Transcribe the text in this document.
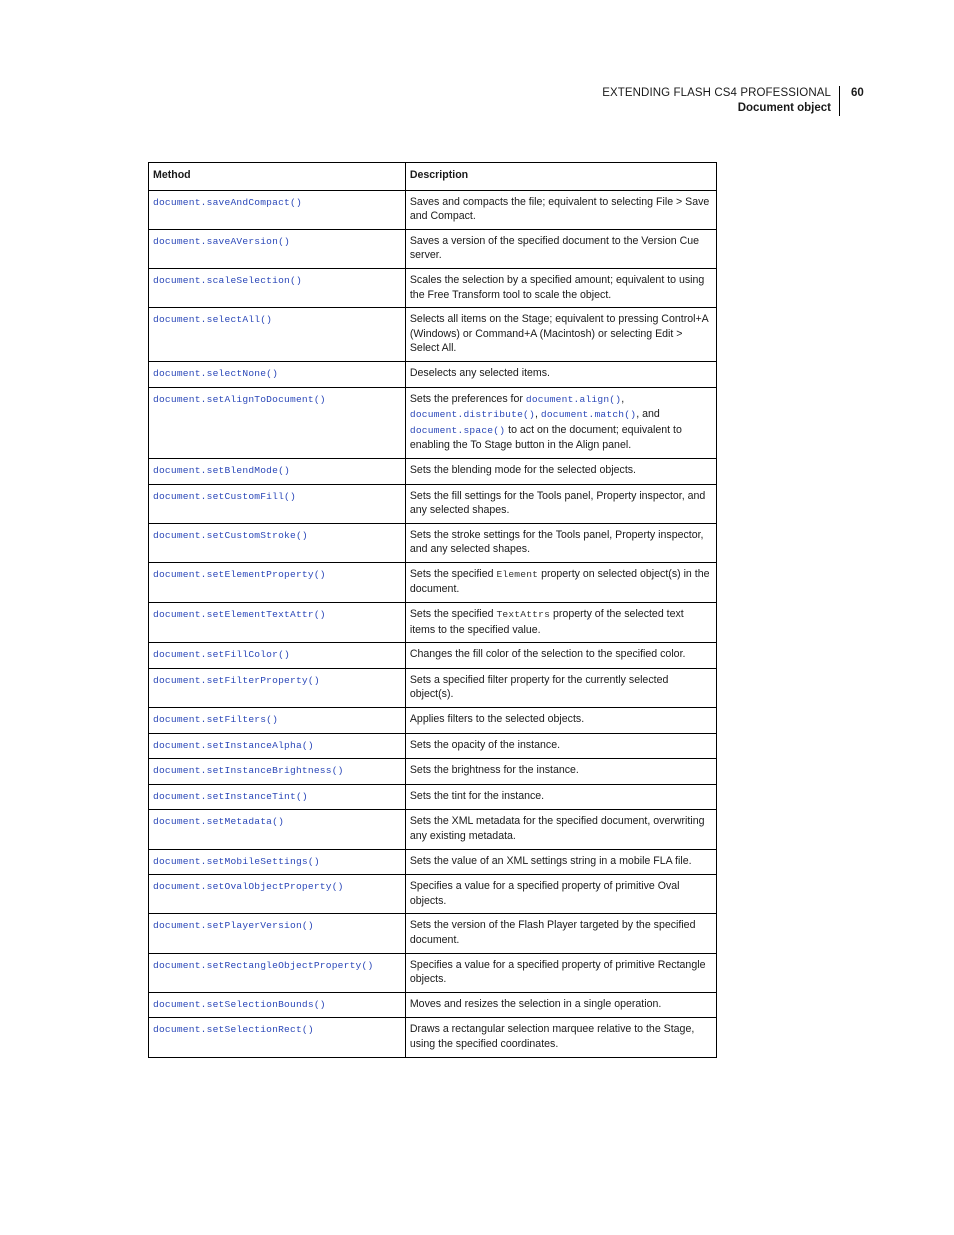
EXTENDING FLASH CS4 PROFESSIONAL
Document object
60
Method	Description
document.saveAndCompact()	Saves and compacts the file; equivalent to selecting File > Save and Compact.
document.saveAVersion()	Saves a version of the specified document to the Version Cue server.
document.scaleSelection()	Scales the selection by a specified amount; equivalent to using the Free Transform tool to scale the object.
document.selectAll()	Selects all items on the Stage; equivalent to pressing Control+A (Windows) or Command+A (Macintosh) or selecting Edit > Select All.
document.selectNone()	Deselects any selected items.
document.setAlignToDocument()	Sets the preferences for document.align(), document.distribute(), document.match(), and document.space() to act on the document; equivalent to enabling the To Stage button in the Align panel.
document.setBlendMode()	Sets the blending mode for the selected objects.
document.setCustomFill()	Sets the fill settings for the Tools panel, Property inspector, and any selected shapes.
document.setCustomStroke()	Sets the stroke settings for the Tools panel, Property inspector, and any selected shapes.
document.setElementProperty()	Sets the specified Element property on selected object(s) in the document.
document.setElementTextAttr()	Sets the specified TextAttrs property of the selected text items to the specified value.
document.setFillColor()	Changes the fill color of the selection to the specified color.
document.setFilterProperty()	Sets a specified filter property for the currently selected object(s).
document.setFilters()	Applies filters to the selected objects.
document.setInstanceAlpha()	Sets the opacity of the instance.
document.setInstanceBrightness()	Sets the brightness for the instance.
document.setInstanceTint()	Sets the tint for the instance.
document.setMetadata()	Sets the XML metadata for the specified document, overwriting any existing metadata.
document.setMobileSettings()	Sets the value of an XML settings string in a mobile FLA file.
document.setOvalObjectProperty()	Specifies a value for a specified property of primitive Oval objects.
document.setPlayerVersion()	Sets the version of the Flash Player targeted by the specified document.
document.setRectangleObjectProperty()	Specifies a value for a specified property of primitive Rectangle objects.
document.setSelectionBounds()	Moves and resizes the selection in a single operation.
document.setSelectionRect()	Draws a rectangular selection marquee relative to the Stage, using the specified coordinates.
